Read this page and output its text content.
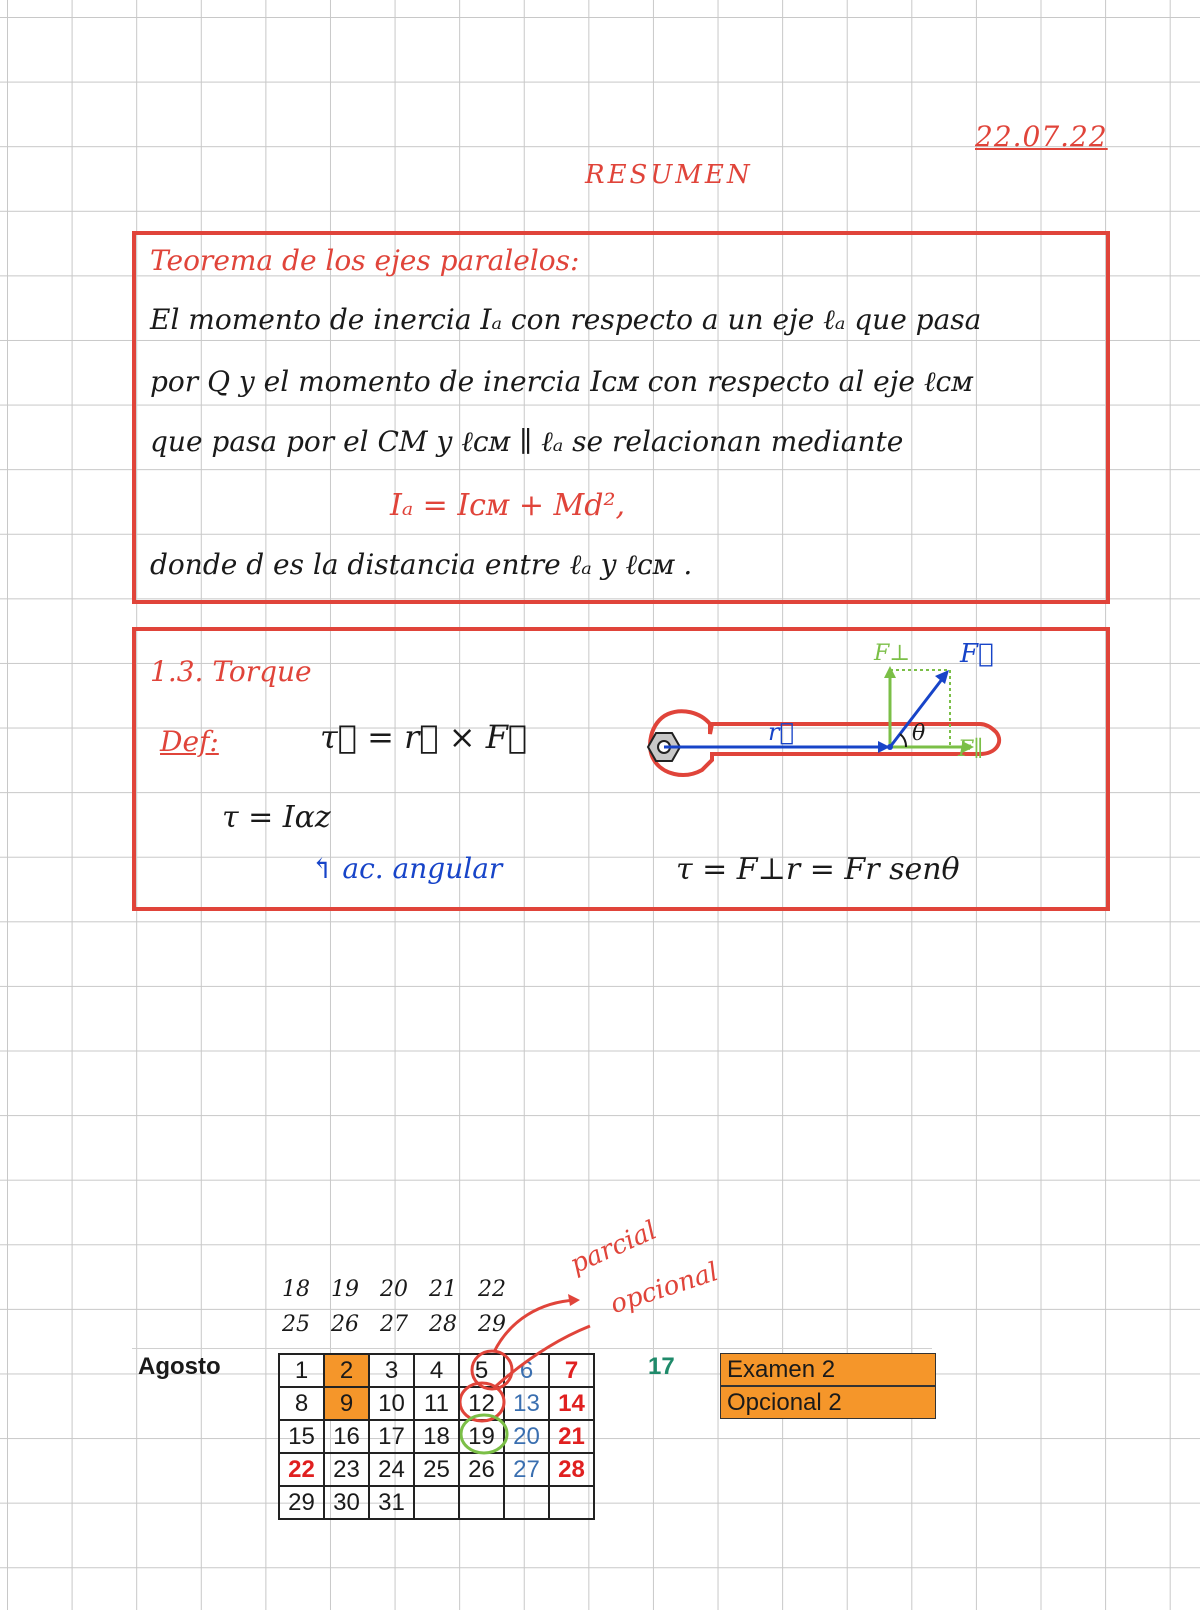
22.07.22
RESUMEN
Teorema de los ejes paralelos:
El momento de inercia Iₐ con respecto a un eje ℓₐ que pasa
por Q y el momento de inercia Iᴄᴍ con respecto al eje ℓᴄᴍ
que pasa por el CM y ℓᴄᴍ ∥ ℓₐ se relacionan mediante
Iₐ = Iᴄᴍ + Md²,
donde d es la distancia entre ℓₐ y ℓᴄᴍ .
1.3. Torque
Def:	τ⃗ = r⃗ × F⃗
τ = Iαz
↰ ac. angular	τ = F⊥r = Fr senθ
r⃗
F⊥
F∥
F⃗
θ
Agosto
18 19 20 21 22
25 26 27 28 29
1	2	3	4	5	6	7
8	9	10	11	12	13	14
15	16	17	18	19	20	21
22	23	24	25	26	27	28
29	30	31				
17 Examen 2
Opcional 2
parcial
opcional
